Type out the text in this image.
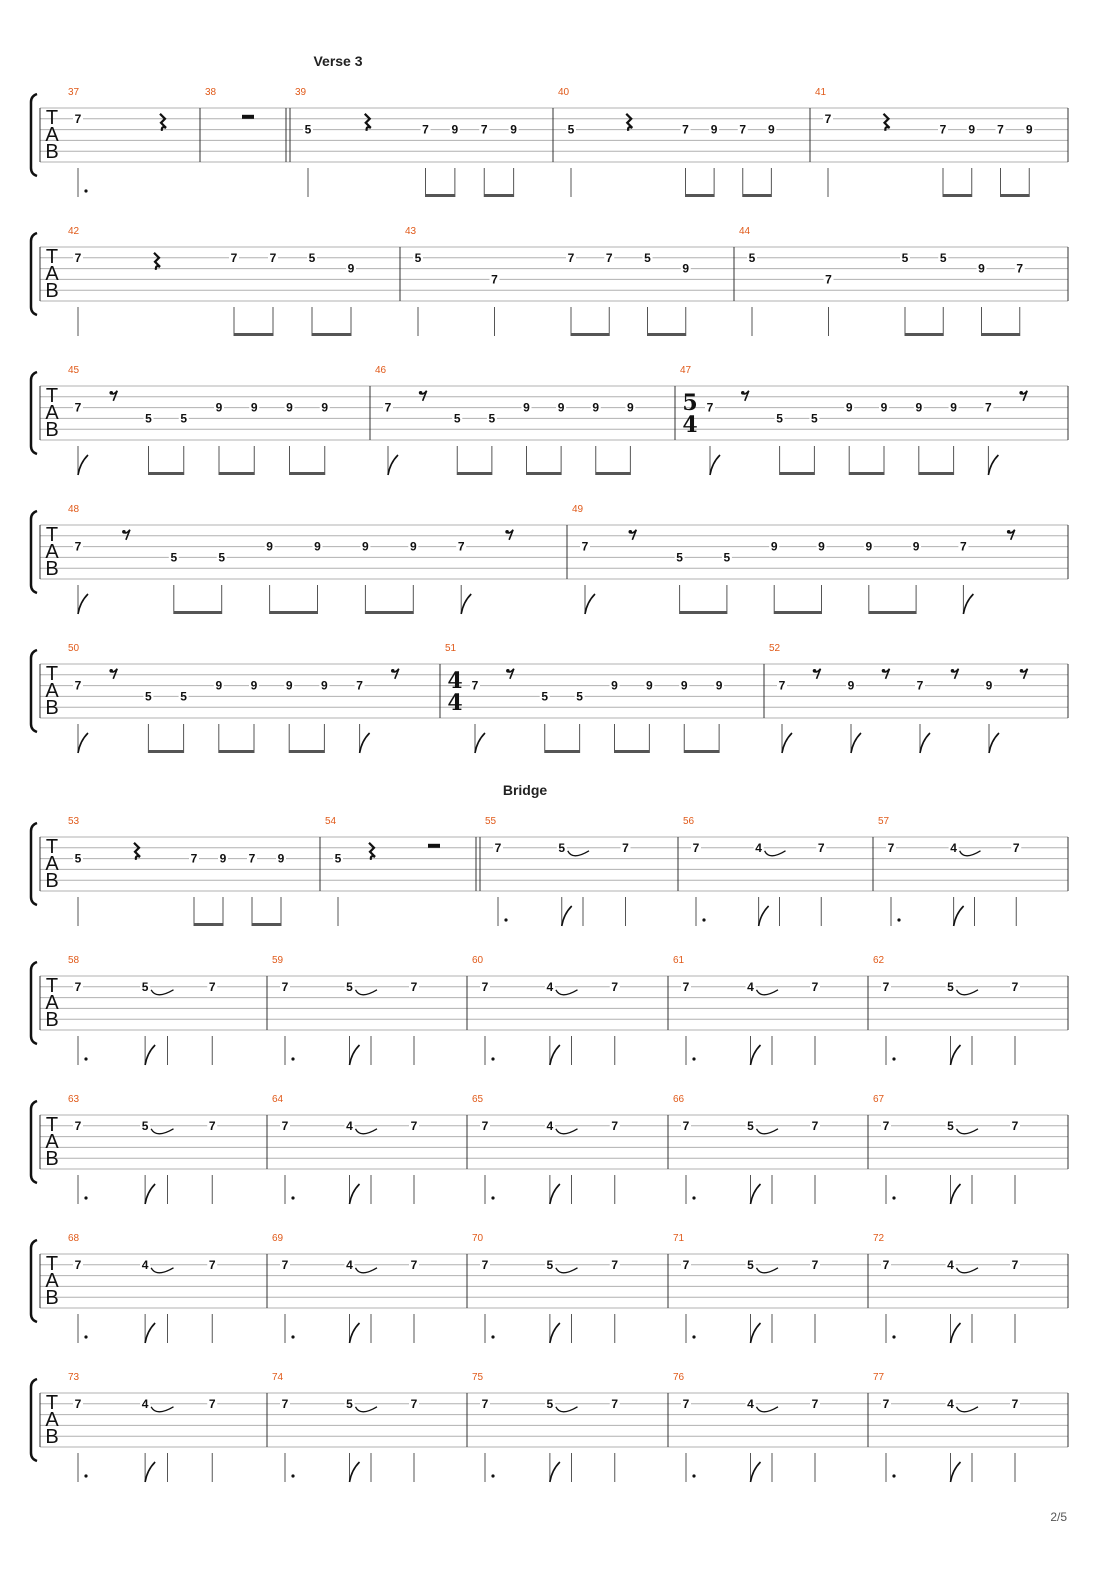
T
A
B
37
7
38	39
Verse 3
5	7 9 7 9
40
5	7 9 7 9
41
7
7 9 7 9
T
A
B
42
7	7	7	5
9
43
5
7
7	7	5
9
44
5
7
5	5
9	7
T
A
B
45
7
5 5
9 9 9 9
46
7
5 5
9 9 9 9
47
5
4
7
5 5
9 9 9 9 7
T
A
B
48
7
5	5
9	9	9	9	7
49
7
5	5
9	9	9	9	7
T
A
B
50
7
5 5
9 9 9 9 7
51
4
4
7
5 5
9 9 9 9
52
7	9	7	9
T
A
B
53
5	7 9 7 9
54
5
55
Bridge
7	5	7
56
7	4	7
57
7	4	7
T
A
B
58
7	5	7
59
7	5	7
60
7	4	7
61
7	4	7
62
7	5	7
T
A
B
63
7	5	7
64
7	4	7
65
7	4	7
66
7	5	7
67
7	5	7
T
A
B
68
7	4	7
69
7	4	7
70
7	5	7
71
7	5	7
72
7	4	7
T
A
B
73
7	4	7
74
7	5	7
75
7	5	7
76
7	4	7
77
7	4	7
2/5
